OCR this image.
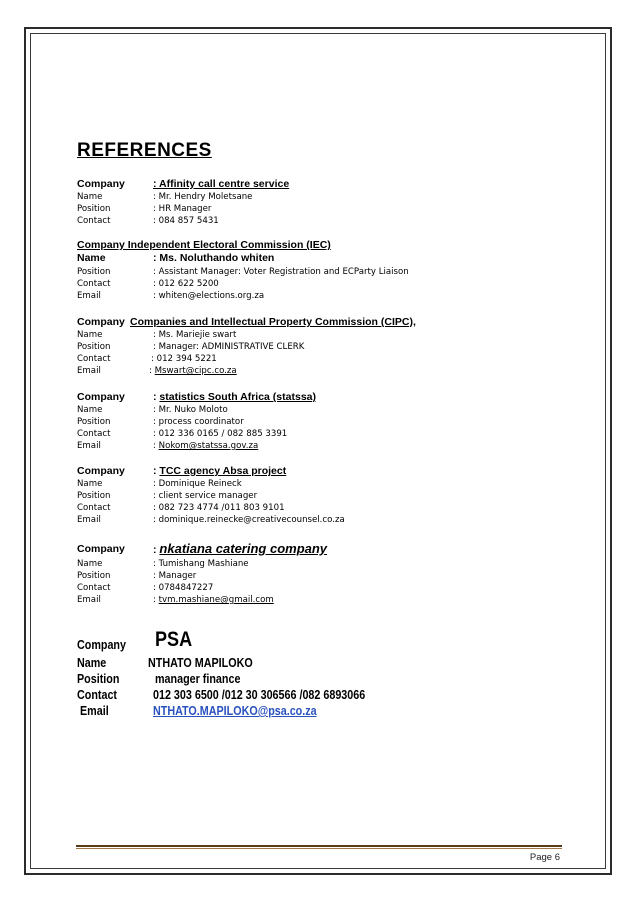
REFERENCES
Company	: Affinity call centre service
Name	: Mr. Hendry Moletsane
Position	: HR Manager
Contact	: 084 857 5431
Company Independent Electoral Commission (IEC)
Name	: Ms. Noluthando whiten
Position	: Assistant Manager: Voter Registration and ECParty Liaison
Contact	: 012 622 5200
Email	: whiten@elections.org.za
Company Companies and Intellectual Property Commission (CIPC),
Name	: Ms. Mariejie swart
Position	: Manager: ADMINISTRATIVE CLERK
Contact	: 012 394 5221
Email	: Mswart@cipc.co.za
Company	: statistics South Africa (statssa)
Name	: Mr. Nuko Moloto
Position	: process coordinator
Contact	: 012 336 0165 / 082 885 3391
Email	: Nokom@statssa.gov.za
Company	: TCC agency Absa project
Name	: Dominique Reineck
Position	: client service manager
Contact	: 082 723 4774 /011 803 9101
Email	: dominique.reinecke@creativecounsel.co.za
Company	: nkatiana catering company
Name	: Tumishang Mashiane
Position	: Manager
Contact	: 0784847227
Email	: tvm.mashiane@gmail.com
Company PSA
Name	NTHATO MAPILOKO
Position	manager finance
Contact	012 303 6500 /012 30 306566 /082 6893066
Email	NTHATO.MAPILOKO@psa.co.za
Page 6
